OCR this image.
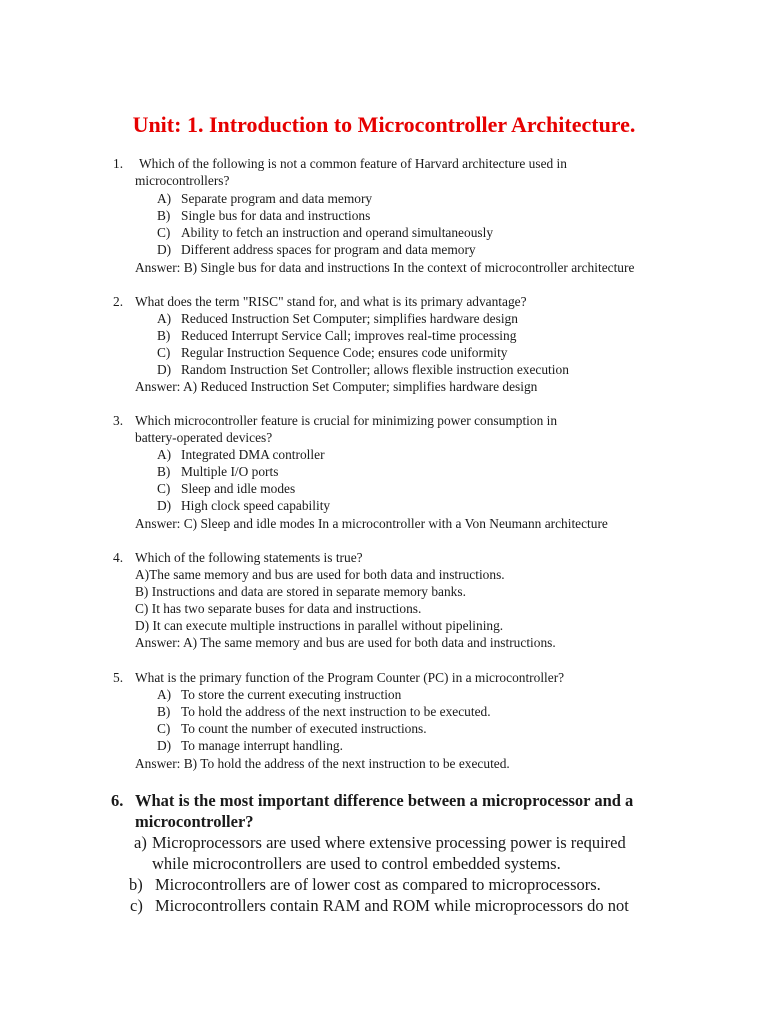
Unit: 1. Introduction to Microcontroller Architecture.
1. Which of the following is not a common feature of Harvard architecture used in
microcontrollers?
A) Separate program and data memory
B) Single bus for data and instructions
C) Ability to fetch an instruction and operand simultaneously
D) Different address spaces for program and data memory
Answer: B) Single bus for data and instructions In the context of microcontroller architecture
2. What does the term "RISC" stand for, and what is its primary advantage?
A) Reduced Instruction Set Computer; simplifies hardware design
B) Reduced Interrupt Service Call; improves real-time processing
C) Regular Instruction Sequence Code; ensures code uniformity
D) Random Instruction Set Controller; allows flexible instruction execution
Answer: A) Reduced Instruction Set Computer; simplifies hardware design
3. Which microcontroller feature is crucial for minimizing power consumption in
battery-operated devices?
A) Integrated DMA controller
B) Multiple I/O ports
C) Sleep and idle modes
D) High clock speed capability
Answer: C) Sleep and idle modes In a microcontroller with a Von Neumann architecture
4. Which of the following statements is true?
A)The same memory and bus are used for both data and instructions.
B) Instructions and data are stored in separate memory banks.
C) It has two separate buses for data and instructions.
D) It can execute multiple instructions in parallel without pipelining.
Answer: A) The same memory and bus are used for both data and instructions.
5. What is the primary function of the Program Counter (PC) in a microcontroller?
A) To store the current executing instruction
B) To hold the address of the next instruction to be executed.
C) To count the number of executed instructions.
D) To manage interrupt handling.
Answer: B) To hold the address of the next instruction to be executed.
6. What is the most important difference between a microprocessor and a
microcontroller?
a) Microprocessors are used where extensive processing power is required
while microcontrollers are used to control embedded systems.
b) Microcontrollers are of lower cost as compared to microprocessors.
c) Microcontrollers contain RAM and ROM while microprocessors do not
